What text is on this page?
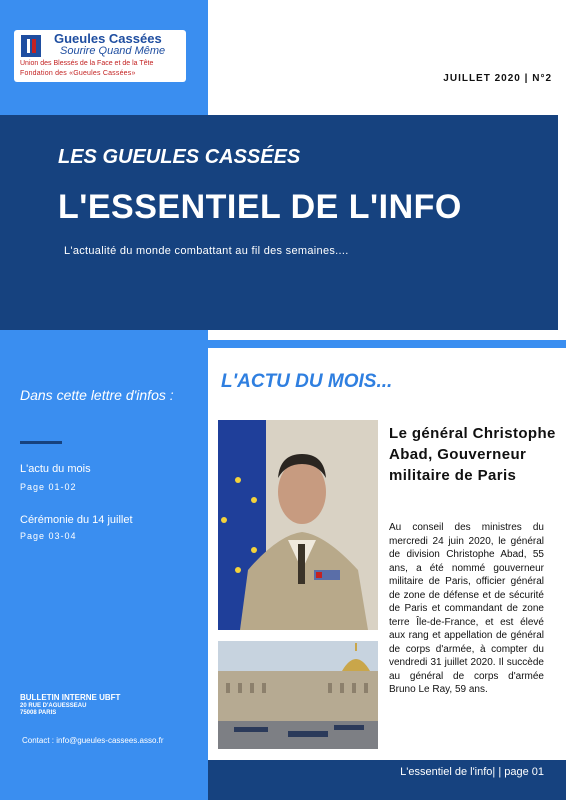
Gueules Cassées
Sourire Quand Même
Union des Blessés de la Face et de la Tête
Fondation des «Gueules Cassées»	JUILLET 2020 | N°2
LES GUEULES CASSÉES
L'ESSENTIEL DE L'INFO
L'actualité du monde combattant au fil des semaines....
Dans cette lettre d'infos :
L'actu du mois
Page 01-02
Cérémonie du 14 juillet
Page 03-04
BULLETIN INTERNE UBFT
20 RUE D'AGUESSEAU
75008 PARIS
Contact : info@gueules-cassees.asso.fr
L'ACTU DU MOIS...
Le général Christophe Abad, Gouverneur militaire de Paris
Au conseil des ministres du mercredi 24 juin 2020, le général de division Christophe Abad, 55 ans, a été nommé gouverneur militaire de Paris, officier général de zone de défense et de sécurité de Paris et commandant de zone terre Île-de-France, et est élevé aux rang et appellation de général de corps d'armée, à compter du vendredi 31 juillet 2020. Il succède au général de corps d'armée Bruno Le Ray, 59 ans.
L'essentiel de l'info| | page 01
